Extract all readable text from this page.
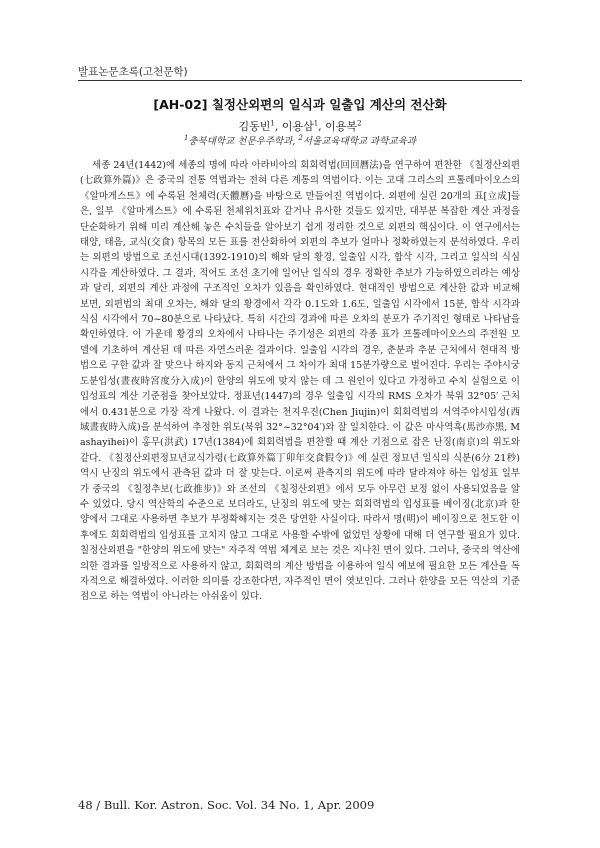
발표논문초록(고천문학)
[AH-02] 칠정산외편의 일식과 일출입 계산의 전산화
김동빈$^1$, 이용삼$^1$, 이용복$^2$
$^1$충북대학교 천문우주학과, $^2$서울교육대학교 과학교육과

세종 24년(1442)에 세종의 명에 따라 아라비아의 회회력법(回回曆法)을 연구하여 편찬한 《칠정산외편(七政算外篇)》은 중국의 전통 역법과는 전혀 다른 계통의 역법이다. 이는 고대 그리스의 프톨레마이오스의 《알마게스트》에 수록된 천체력(天體曆)을 바탕으로 만들어진 역법이다. 외편에 실린 20개의 표[立成]들은, 일부 《알마게스트》에 수록된 천체위치표와 같거나 유사한 것들도 있지만, 대부분 복잡한 계산 과정을 단순화하기 위해 미리 계산해 놓은 수치들을 알아보기 쉽게 정리한 것으로 외편의 핵심이다. 이 연구에서는 태양, 태음, 교식(交食) 항목의 모든 표를 전산화하여 외편의 추보가 얼마나 정확하였는지 분석하였다. 우리는 외편의 방법으로 조선시대(1392-1910)의 해와 달의 황경, 일출입 시각, 합삭 시각, 그리고 일식의 식심 시각을 계산하였다. 그 결과, 적어도 조선 초기에 일어난 일식의 경우 정확한 추보가 가능하였으리라는 예상과 달리, 외편의 계산 과정에 구조적인 오차가 있음을 확인하였다. 현대적인 방법으로 계산한 값과 비교해 보면, 외편법의 최대 오차는, 해와 달의 황경에서 각각 0.1도와 1.6도, 일출입 시각에서 15분, 합삭 시각과 식심 시각에서 70~80분으로 나타났다. 특히 시간의 경과에 따른 오차의 분포가 주기적인 형태로 나타남을 확인하였다. 이 가운데 황경의 오차에서 나타나는 주기성은 외편의 각종 표가 프톨레마이오스의 주전원 모델에 기초하여 계산된 데 따른 자연스러운 결과이다. 일출입 시각의 경우, 춘분과 추분 근처에서 현대적 방법으로 구한 값과 잘 맞으나 하지와 동지 근처에서 그 차이가 최대 15분가량으로 벌어진다. 우리는 주야시궁도분입성(晝夜時宮度分入成)이 한양의 위도에 맞지 않는 데 그 원인이 있다고 가정하고 수치 실험으로 이 입성표의 계산 기준점을 찾아보았다. 정표년(1447)의 경우 일출입 시각의 RMS 오차가 북위 32°05′ 근처에서 0.431분으로 가장 작게 나왔다. 이 결과는 천지우진(Chen Jiujin)이 회회력법의 서역주야시입성(西域晝夜時入成)을 분석하여 추정한 위도(북위 32°~32°04′)와 잘 일치한다. 이 값은 마사역흑(馬沙亦黑, Mashayihei)이 홍무(洪武) 17년(1384)에 회회력법을 편찬할 때 계산 기점으로 잡은 난징(南京)의 위도와 같다. 《칠정산외편정묘년교식가령(七政算外篇丁卯年交食假令)》에 실린 정묘년 일식의 식분(6分 21秒) 역시 난징의 위도에서 관측된 값과 더 잘 맞는다. 이로써 관측지의 위도에 따라 달라져야 하는 입성표 일부가 중국의 《칠정추보(七政推步)》와 조선의 《칠정산외편》에서 모두 아무런 보정 없이 사용되었음을 알 수 있었다. 당시 역산학의 수준으로 보더라도, 난징의 위도에 맞는 회회력법의 입성표를 베이징(北京)과 한양에서 그대로 사용하면 추보가 부정확해지는 것은 당연한 사실이다. 따라서 명(明)이 베이징으로 천도한 이후에도 회회력법의 입성표를 고치지 않고 그대로 사용할 수밖에 없었던 상황에 대해 더 연구할 필요가 있다. 칠정산외편을 "한양의 위도에 맞는" 자주적 역법 체계로 보는 것은 지나친 면이 있다. 그러나, 중국의 역산에 의한 결과를 일방적으로 사용하지 않고, 회회력의 계산 방법을 이용하여 일식 예보에 필요한 모든 계산을 독자적으로 해결하였다. 이러한 의미를 강조한다면, 자주적인 면이 엿보인다. 그러나 한양을 모든 역산의 기준점으로 하는 역법이 아니라는 아쉬움이 있다.

48 / Bull. Kor. Astron. Soc. Vol. 34 No. 1, Apr. 2009
